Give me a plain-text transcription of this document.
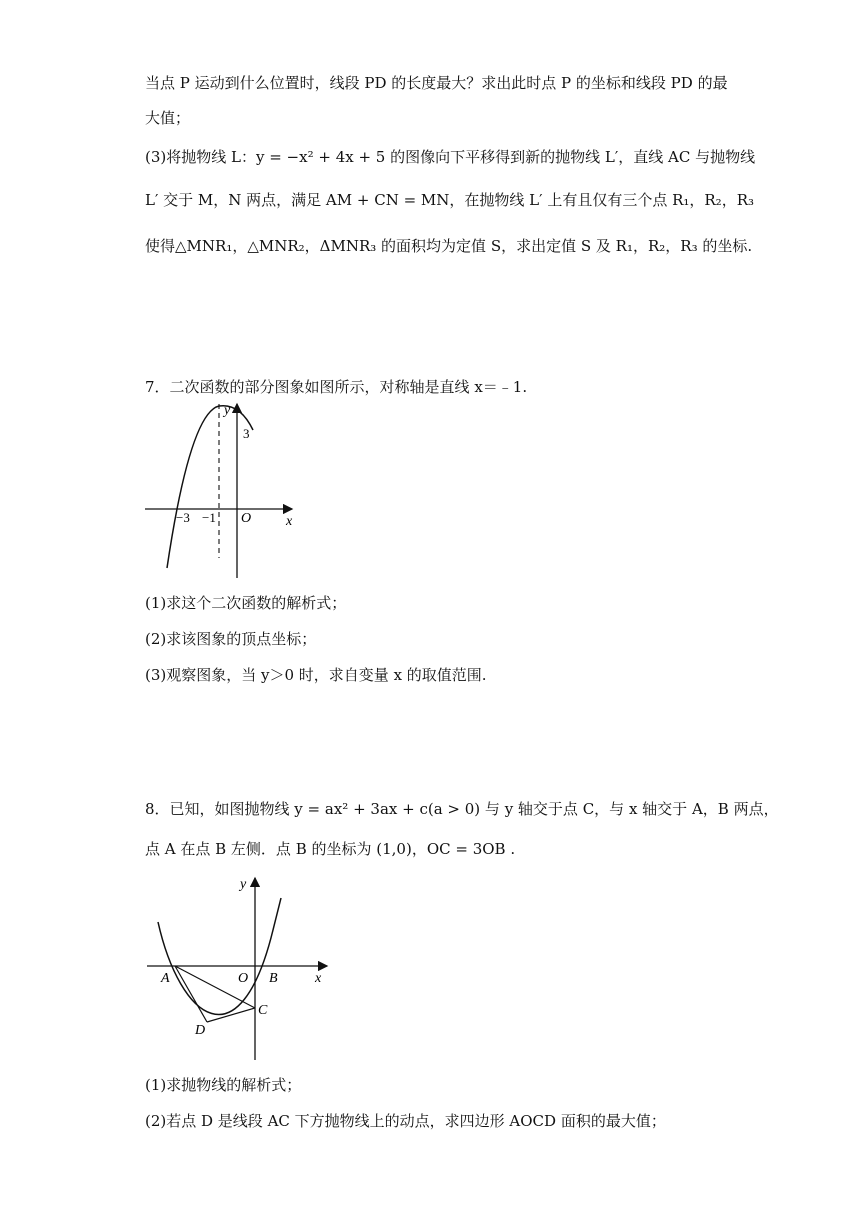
当点 P 运动到什么位置时，线段 PD 的长度最大？求出此时点 P 的坐标和线段 PD 的最
大值；
(3)将抛物线 L：y = −x² + 4x + 5 的图像向下平移得到新的抛物线 L′，直线 AC 与抛物线
L′ 交于 M，N 两点，满足 AM + CN = MN，在抛物线 L′ 上有且仅有三个点 R₁，R₂，R₃
使得△MNR₁，△MNR₂，ΔMNR₃ 的面积均为定值 S，求出定值 S 及 R₁，R₂，R₃ 的坐标.
7．二次函数的部分图象如图所示，对称轴是直线 x＝﹣1.
y
x
O
−3 −1
3
(1)求这个二次函数的解析式；
(2)求该图象的顶点坐标；
(3)观察图象，当 y＞0 时，求自变量 x 的取值范围.
8．已知，如图抛物线 y = ax² + 3ax + c(a > 0) 与 y 轴交于点 C，与 x 轴交于 A，B 两点，
点 A 在点 B 左侧．点 B 的坐标为 (1,0)，OC = 3OB .
y
x
A	O B
C
D
(1)求抛物线的解析式；
(2)若点 D 是线段 AC 下方抛物线上的动点，求四边形 AOCD 面积的最大值；
